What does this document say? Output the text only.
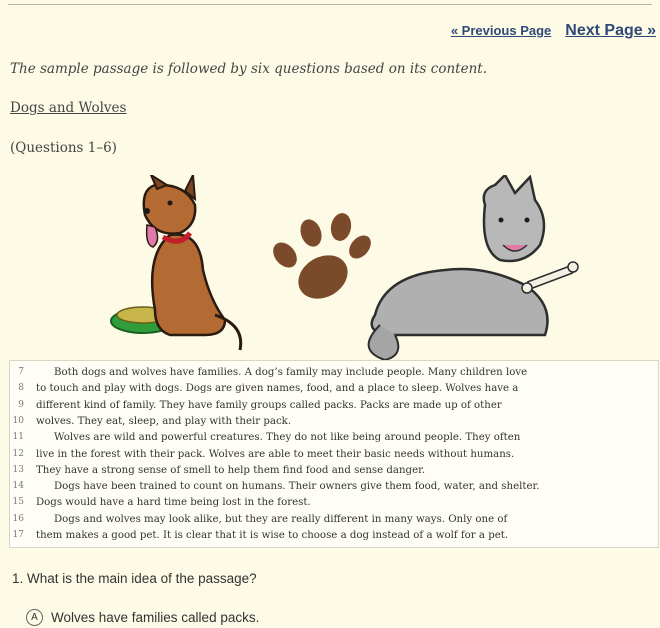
« Previous Page Next Page »
The sample passage is followed by six questions based on its content.
Dogs and Wolves
(Questions 1–6)
7	Both dogs and wolves have families. A dog’s family may include people. Many children love
8 to touch and play with dogs. Dogs are given names, food, and a place to sleep. Wolves have a
9 different kind of family. They have family groups called packs. Packs are made up of other
10 wolves. They eat, sleep, and play with their pack.
11	Wolves are wild and powerful creatures. They do not like being around people. They often
12 live in the forest with their pack. Wolves are able to meet their basic needs without humans.
13 They have a strong sense of smell to help them find food and sense danger.
14	Dogs have been trained to count on humans. Their owners give them food, water, and shelter.
15 Dogs would have a hard time being lost in the forest.
16	Dogs and wolves may look alike, but they are really different in many ways. Only one of
17 them makes a good pet. It is clear that it is wise to choose a dog instead of a wolf for a pet.
1. What is the main idea of the passage?
A Wolves have families called packs.
